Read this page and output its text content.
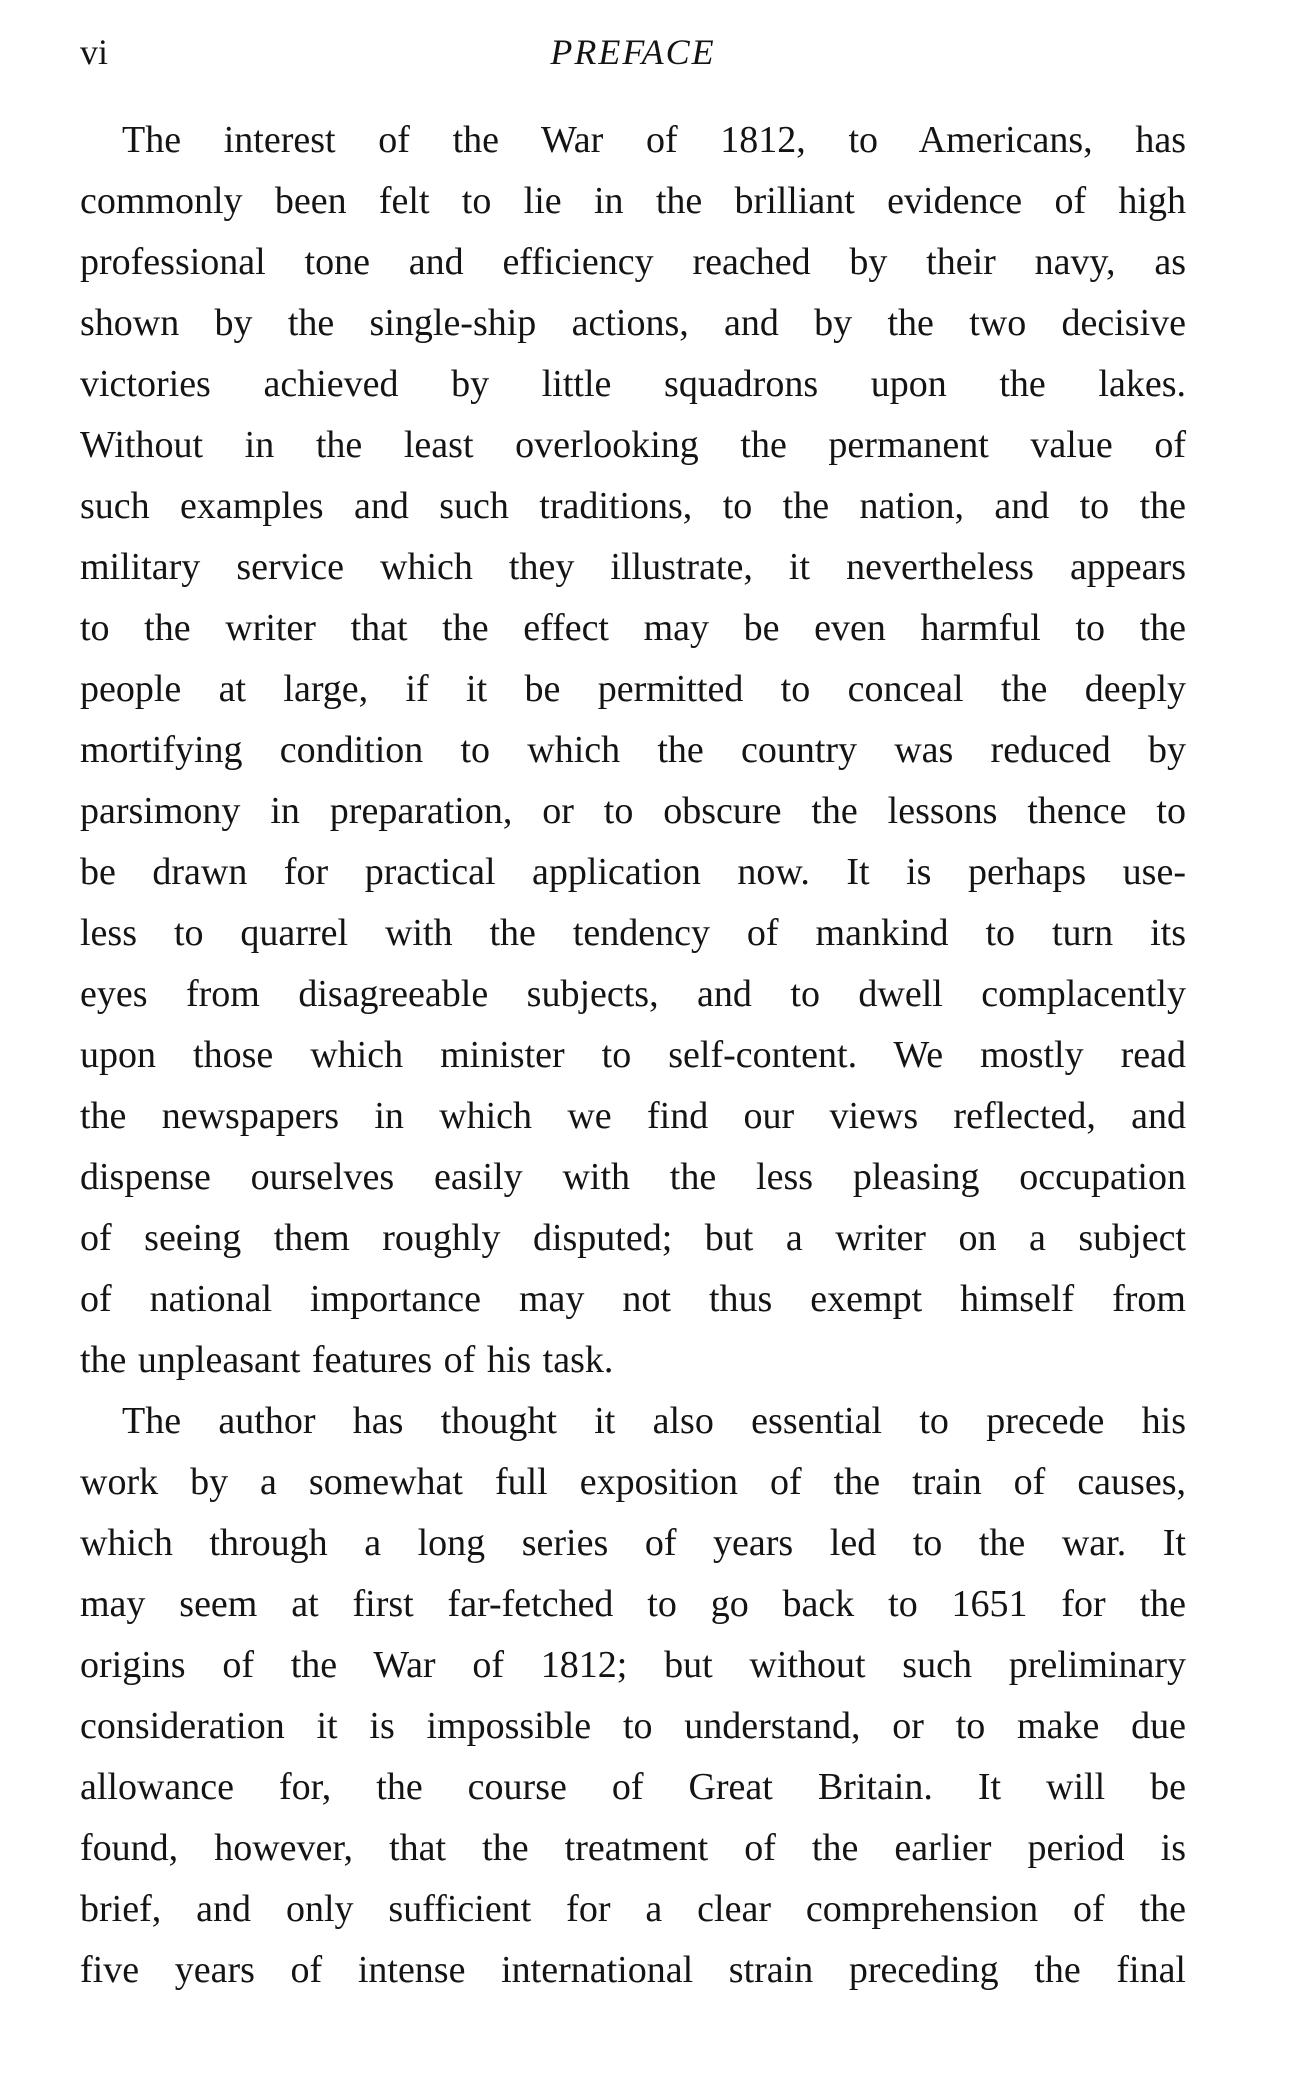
vi	PREFACE
The interest of the War of 1812, to Americans, has
commonly been felt to lie in the brilliant evidence of high
professional tone and efficiency reached by their navy, as
shown by the single-ship actions, and by the two decisive
victories achieved by little squadrons upon the lakes.
Without in the least overlooking the permanent value of
such examples and such traditions, to the nation, and to the
military service which they illustrate, it nevertheless appears
to the writer that the effect may be even harmful to the
people at large, if it be permitted to conceal the deeply
mortifying condition to which the country was reduced by
parsimony in preparation, or to obscure the lessons thence to
be drawn for practical application now. It is perhaps use-
less to quarrel with the tendency of mankind to turn its
eyes from disagreeable subjects, and to dwell complacently
upon those which minister to self-content. We mostly read
the newspapers in which we find our views reflected, and
dispense ourselves easily with the less pleasing occupation
of seeing them roughly disputed; but a writer on a subject
of national importance may not thus exempt himself from
the unpleasant features of his task.
The author has thought it also essential to precede his
work by a somewhat full exposition of the train of causes,
which through a long series of years led to the war. It
may seem at first far-fetched to go back to 1651 for the
origins of the War of 1812; but without such preliminary
consideration it is impossible to understand, or to make due
allowance for, the course of Great Britain. It will be
found, however, that the treatment of the earlier period is
brief, and only sufficient for a clear comprehension of the
five years of intense international strain preceding the final
